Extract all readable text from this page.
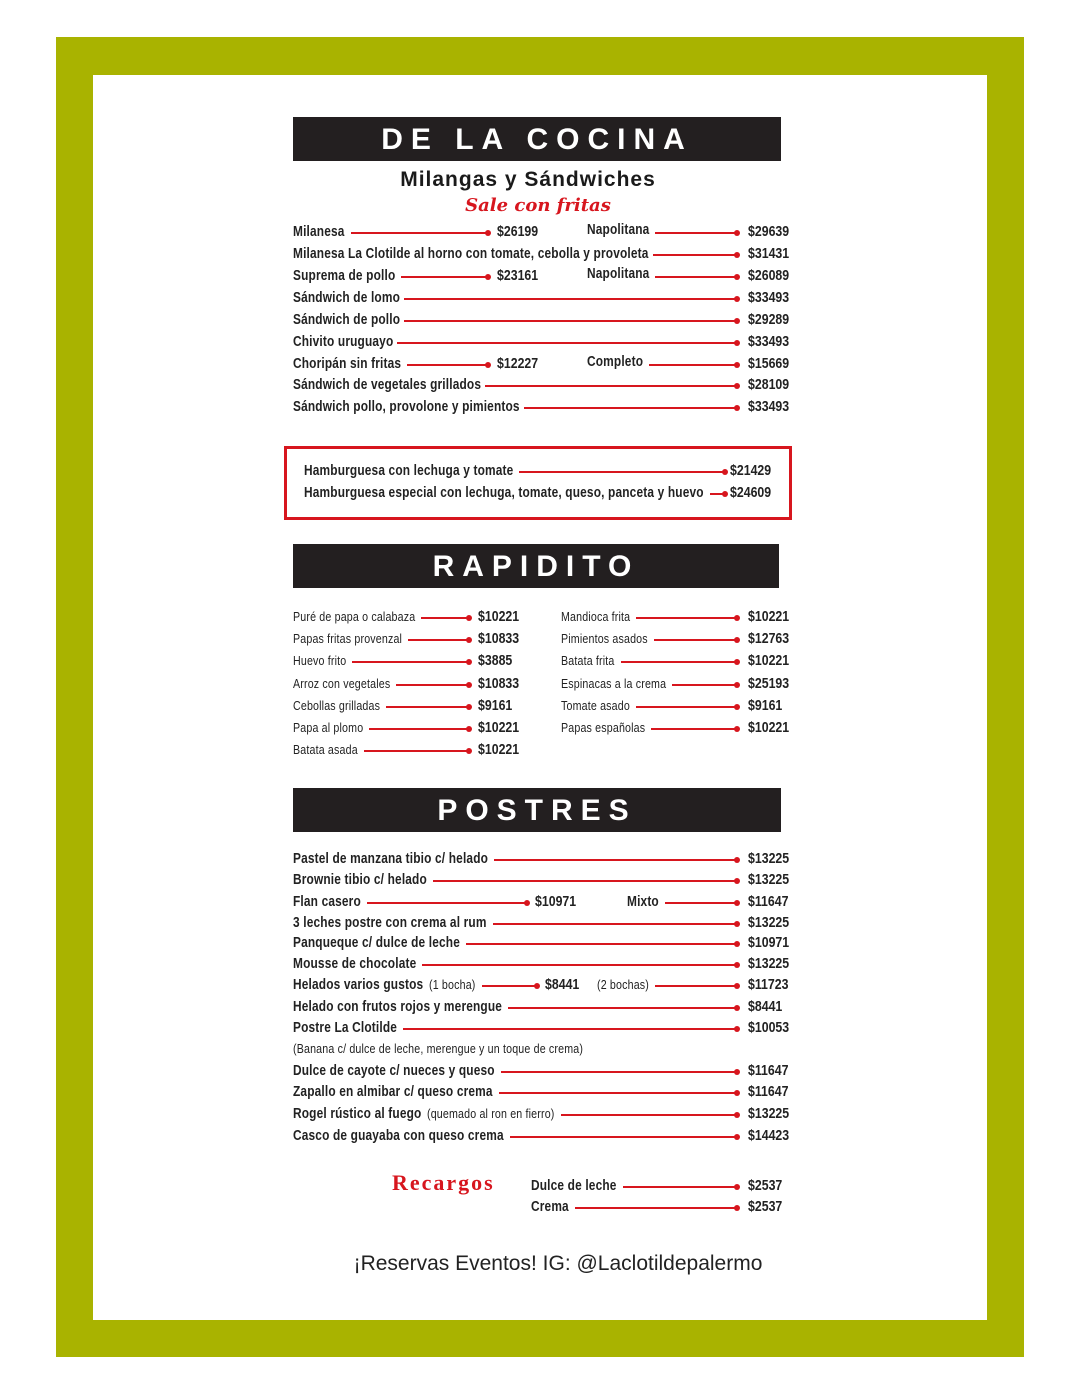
DE LA COCINA
Milangas y Sándwiches
Sale con fritas
RAPIDITO
POSTRES
Recargos
¡Reservas Eventos! IG: @Laclotildepalermo
Milanesa	$26199	Napolitana	$29639
Milanesa La Clotilde al horno con tomate, cebolla y provoleta	$31431
Suprema de pollo	$23161	Napolitana	$26089
Sándwich de lomo	$33493
Sándwich de pollo	$29289
Chivito uruguayo	$33493
Choripán sin fritas	$12227	Completo	$15669
Sándwich de vegetales grillados	$28109
Sándwich pollo, provolone y pimientos	$33493
Hamburguesa con lechuga y tomate	$21429
Hamburguesa especial con lechuga, tomate, queso, panceta y huevo $24609
Puré de papa o calabaza	$10221
Papas fritas provenzal	$10833
Huevo frito	$3885
Arroz con vegetales	$10833
Cebollas grilladas	$9161
Papa al plomo	$10221
Batata asada	$10221
Mandioca frita	$10221
Pimientos asados	$12763
Batata frita	$10221
Espinacas a la crema	$25193
Tomate asado	$9161
Papas españolas	$10221
Pastel de manzana tibio c/ helado	$13225
Brownie tibio c/ helado	$13225
Flan casero	$10971	Mixto	$11647
3 leches postre con crema al rum	$13225
Panqueque c/ dulce de leche	$10971
Mousse de chocolate	$13225
Helados varios gustos (1 bocha)	$8441 (2 bochas)	$11723
Helado con frutos rojos y merengue	$8441
Postre La Clotilde	$10053
(Banana c/ dulce de leche, merengue y un toque de crema)
Dulce de cayote c/ nueces y queso	$11647
Zapallo en almibar c/ queso crema	$11647
Rogel rústico al fuego (quemado al ron en fierro)	$13225
Casco de guayaba con queso crema	$14423
Dulce de leche	$2537
Crema	$2537
